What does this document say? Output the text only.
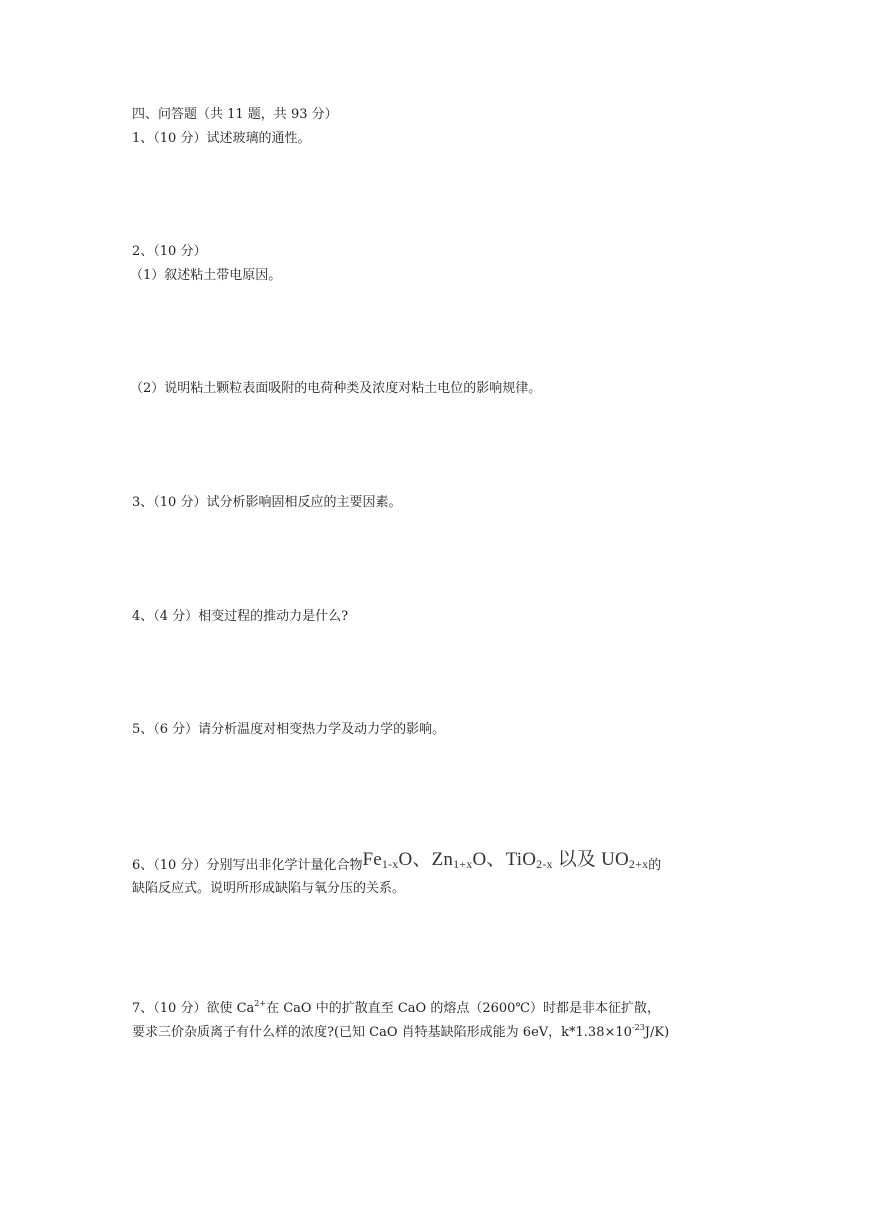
四、问答题（共 11 题，共 93 分）
1、（10 分）试述玻璃的通性。
2、（10 分）
（1）叙述粘土带电原因。
（2）说明粘土颗粒表面吸附的电荷种类及浓度对粘土电位的影响规律。
3、（10 分）试分析影响固相反应的主要因素。
4、（4 分）相变过程的推动力是什么?
5、（6 分）请分析温度对相变热力学及动力学的影响。
6、（10 分）分别写出非化学计量化合物$Fe_{1-x}O$、$Zn_{1+x}O$、TiO$_{2-x}$ 以及 $UO_{2+x}$的
缺陷反应式。说明所形成缺陷与氧分压的关系。
7、（10 分）欲使 $Ca^{2+}$在 CaO 中的扩散直至 CaO 的熔点（2600℃）时都是非本征扩散，
要求三价杂质离子有什么样的浓度?(已知 CaO 肖特基缺陷形成能为 6eV，$k*1.38\times 10^{-23}J/K$)
